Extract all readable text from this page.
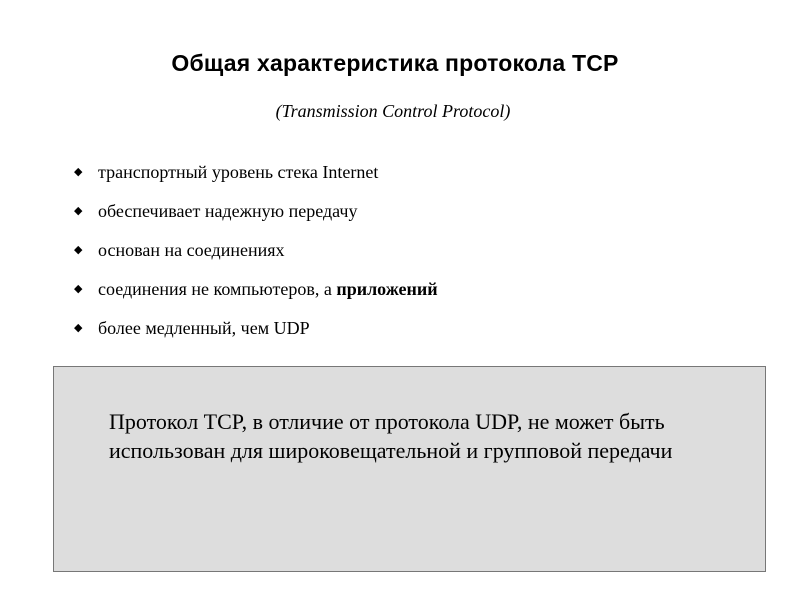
Общая характеристика протокола TCP
(Transmission Control Protocol)
◆ транспортный уровень стека Internet
◆ обеспечивает надежную передачу
◆ основан на соединениях
◆ соединения не компьютеров, а приложений
◆ более медленный, чем UDP

Протокол TCP, в отличие от протокола UDP, не может быть использован для широковещательной и групповой передачи
